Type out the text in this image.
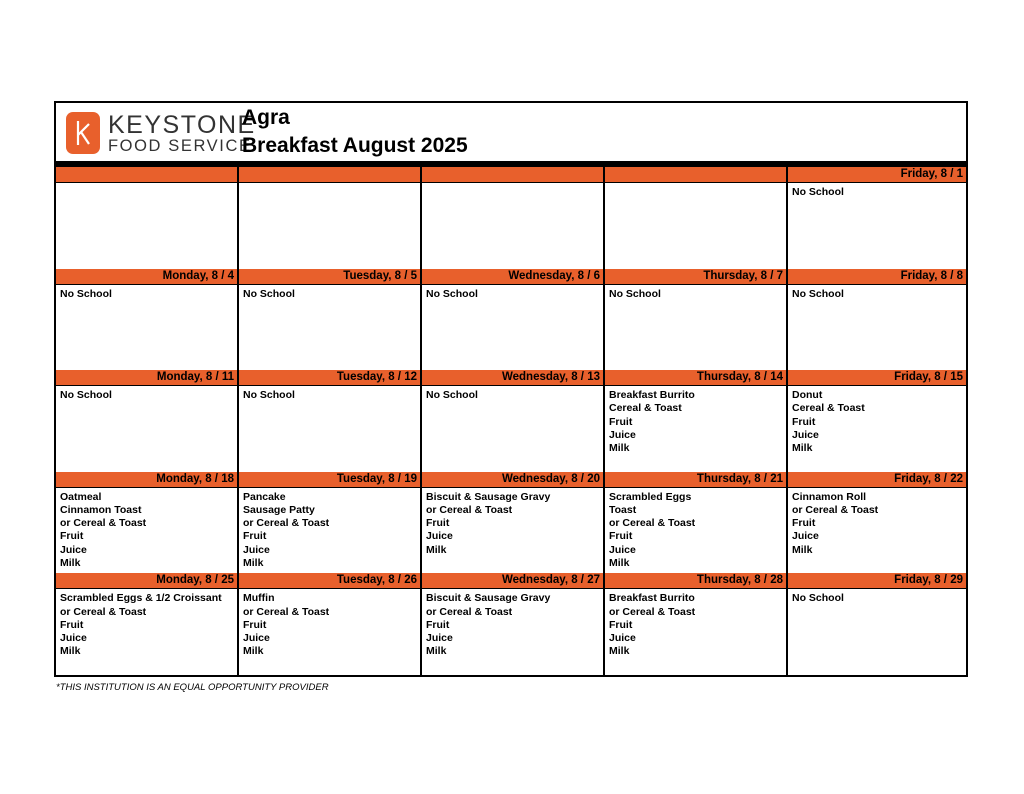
KEYSTONE
FOOD SERVICE
Agra
Breakfast August 2025
Friday, 8 / 1
No School
Monday, 8 / 4
No School
Tuesday, 8 / 5
No School
Wednesday, 8 / 6
No School
Thursday, 8 / 7
No School
Friday, 8 / 8
No School
Monday, 8 / 11
No School
Tuesday, 8 / 12
No School
Wednesday, 8 / 13
No School
Thursday, 8 / 14
Breakfast Burrito
Cereal & Toast
Fruit
Juice
Milk
Friday, 8 / 15
Donut
Cereal & Toast
Fruit
Juice
Milk
Monday, 8 / 18
Oatmeal
Cinnamon Toast
or Cereal & Toast
Fruit
Juice
Milk
Tuesday, 8 / 19
Pancake
Sausage Patty
or Cereal & Toast
Fruit
Juice
Milk
Wednesday, 8 / 20
Biscuit & Sausage Gravy
or Cereal & Toast
Fruit
Juice
Milk
Thursday, 8 / 21
Scrambled Eggs
Toast
or Cereal & Toast
Fruit
Juice
Milk
Friday, 8 / 22
Cinnamon Roll
or Cereal & Toast
Fruit
Juice
Milk
Monday, 8 / 25
Scrambled Eggs & 1/2 Croissant
or Cereal & Toast
Fruit
Juice
Milk
Tuesday, 8 / 26
Muffin
or Cereal & Toast
Fruit
Juice
Milk
Wednesday, 8 / 27
Biscuit & Sausage Gravy
or Cereal & Toast
Fruit
Juice
Milk
Thursday, 8 / 28
Breakfast Burrito
or Cereal & Toast
Fruit
Juice
Milk
Friday, 8 / 29
No School
*THIS INSTITUTION IS AN EQUAL OPPORTUNITY PROVIDER
